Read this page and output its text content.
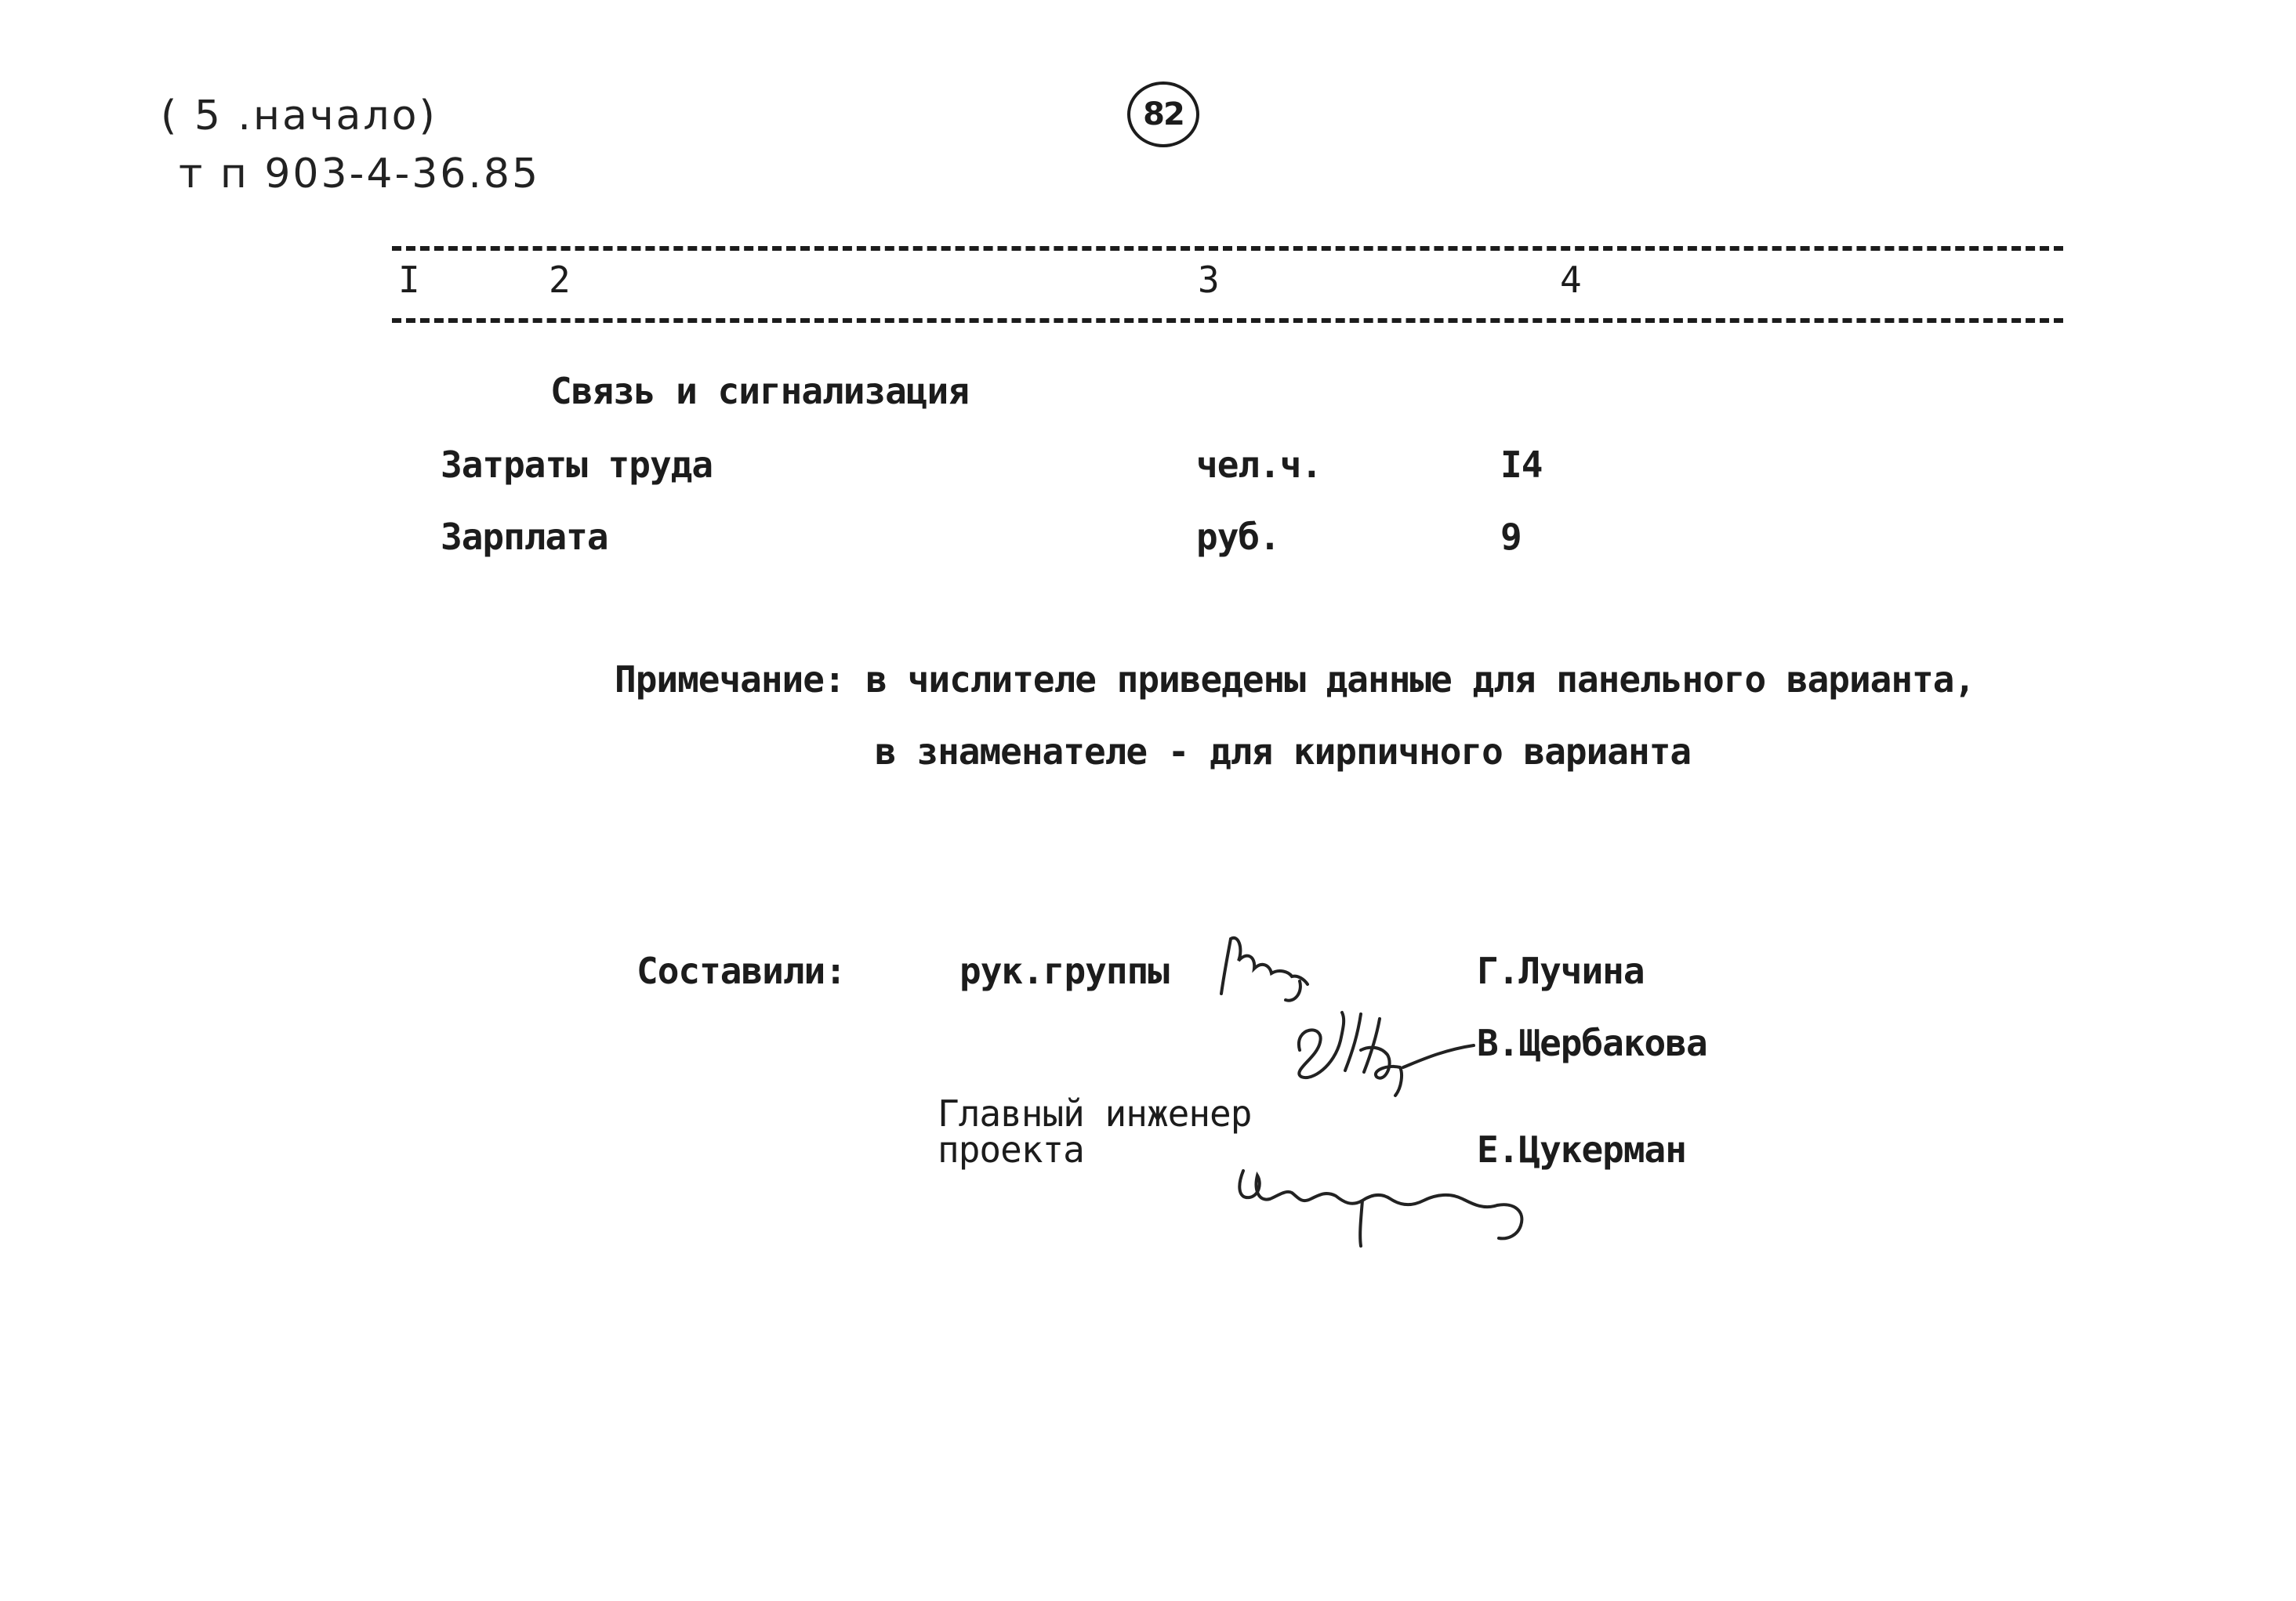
( 5 .начало)
т п 903-4-36.85
82
I	2	3	4
Связь и сигнализация
Затраты труда	чел.ч.	I4
Зарплата	руб.	9
Примечание: в числителе приведены данные для панельного варианта,
в знаменателе - для кирпичного варианта
Составили:	рук.группы	Г.Лучина
В.Щербакова
Главный инженер
проекта	Е.Цукерман
